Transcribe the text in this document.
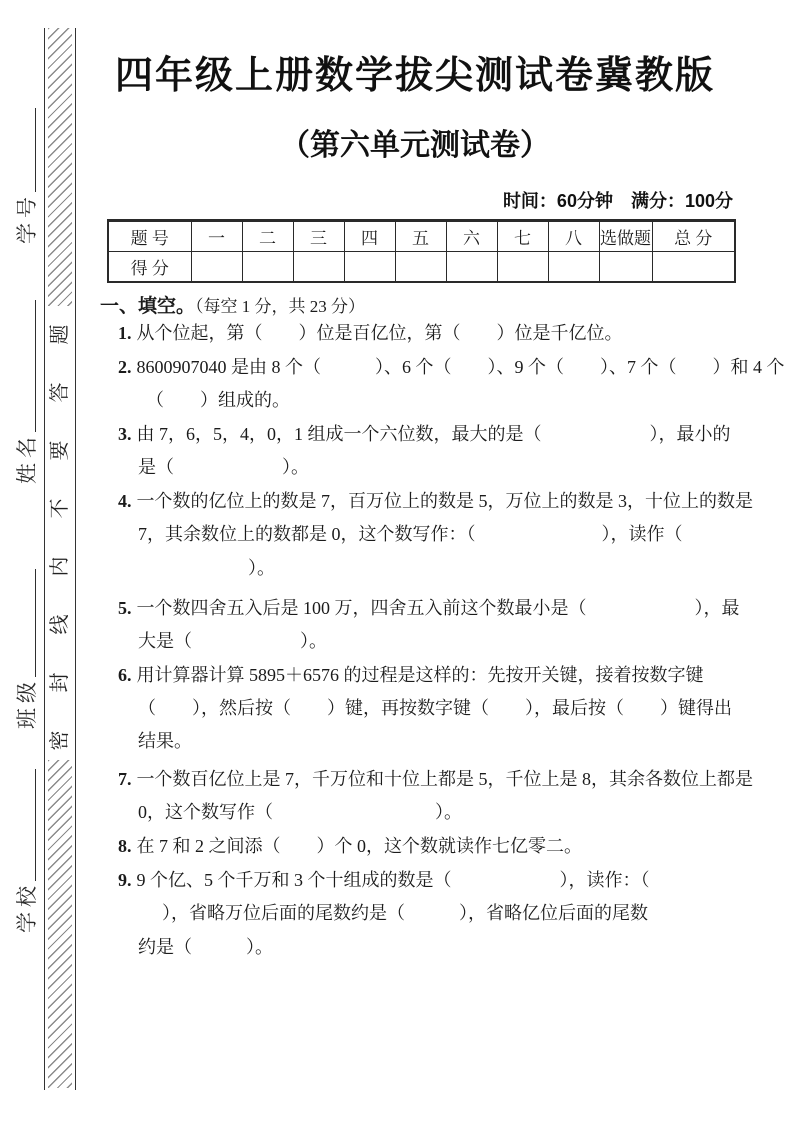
学号
姓名
班级
学校
密　封　线　内　不　要　答　题
四年级上册数学拔尖测试卷冀教版
（第六单元测试卷）
时间：60分钟　满分：100分
题 号	一	二	三	四	五	六	七	八	选做题	总 分
得 分										
一、填空。（每空 1 分，共 23 分）
1. 从个位起，第（　　）位是百亿位，第（　　）位是千亿位。
2. 8600907040 是由 8 个（　　　）、6 个（　　）、9 个（　　）、7 个（　　）和 4 个
（　　）组成的。
3. 由 7，6，5，4，0，1 组成一个六位数，最大的是（　　　　　　），最小的
是（　　　　　　）。
4. 一个数的亿位上的数是 7，百万位上的数是 5，万位上的数是 3，十位上的数是
7，其余数位上的数都是 0，这个数写作：（　　　　　　　），读作（
）。
5. 一个数四舍五入后是 100 万，四舍五入前这个数最小是（　　　　　　），最
大是（　　　　　　）。
6. 用计算器计算 5895＋6576 的过程是这样的：先按开关键，接着按数字键
（　　），然后按（　　）键，再按数字键（　　），最后按（　　）键得出
结果。
7. 一个数百亿位上是 7，千万位和十位上都是 5，千位上是 8，其余各数位上都是
0，这个数写作（　　　　　　　　　）。
8. 在 7 和 2 之间添（　　）个 0，这个数就读作七亿零二。
9. 9 个亿、5 个千万和 3 个十组成的数是（　　　　　　），读作：（
），省略万位后面的尾数约是（　　　），省略亿位后面的尾数
约是（　　　）。
